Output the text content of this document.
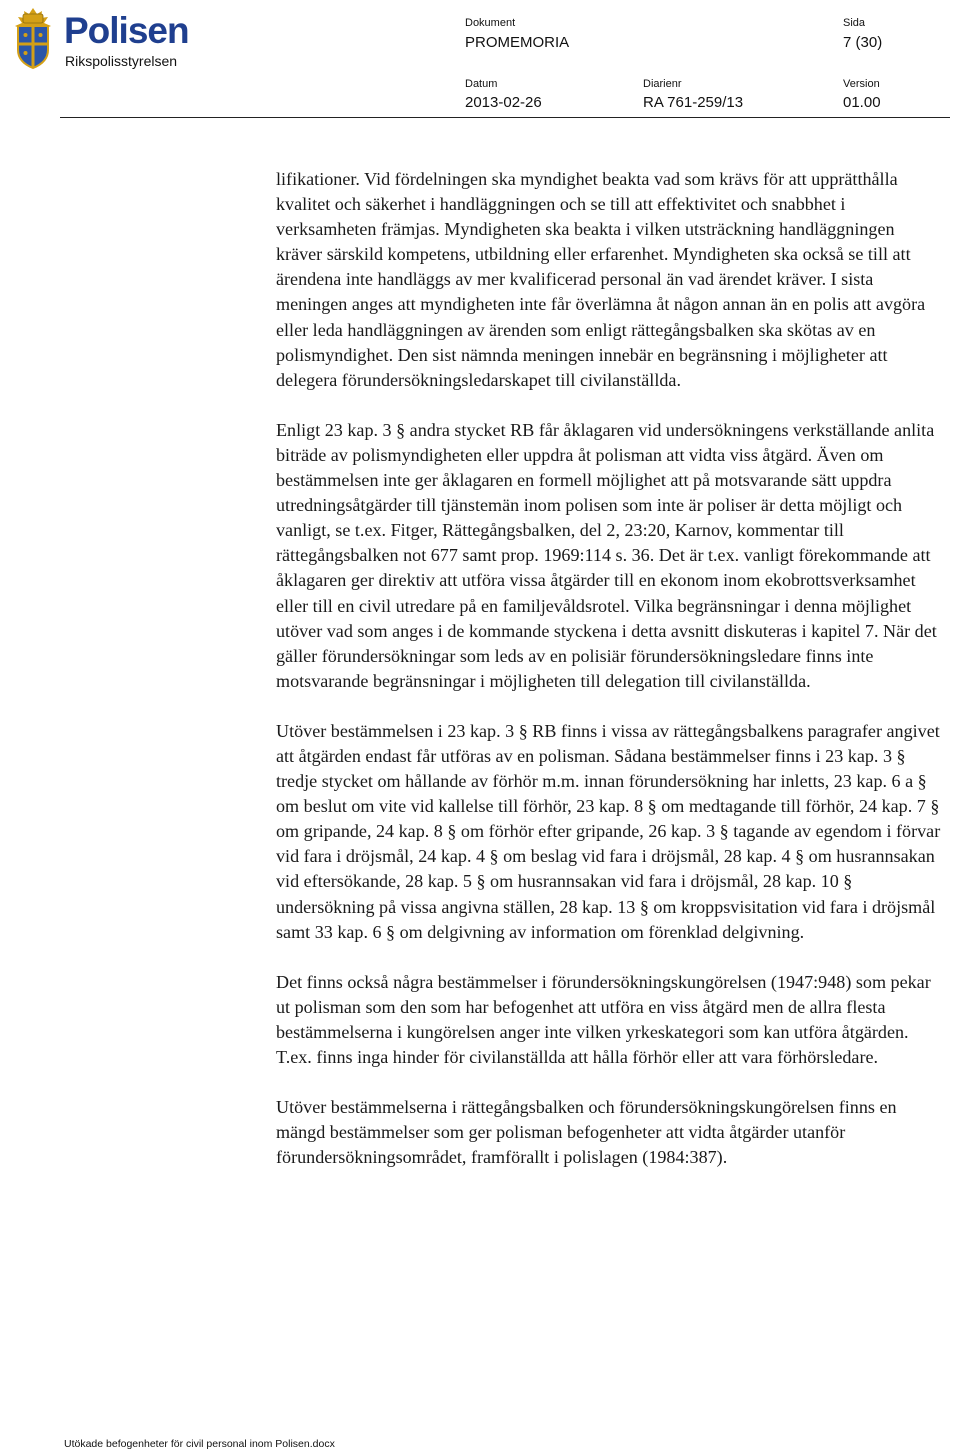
Polisen
Rikspolisstyrelsen
Dokument
PROMEMORIA
Sida
7 (30)
Datum
2013-02-26
Diarienr
RA 761-259/13
Version
01.00

lifikationer. Vid fördelningen ska myndighet beakta vad som krävs för att upprätthålla kvalitet och säkerhet i handläggningen och se till att effektivitet och snabbhet i verksamheten främjas. Myndigheten ska beakta i vilken utsträckning handläggningen kräver särskild kompetens, utbildning eller erfarenhet. Myndigheten ska också se till att ärendena inte handläggs av mer kvalificerad personal än vad ärendet kräver. I sista meningen anges att myndigheten inte får överlämna åt någon annan än en polis att avgöra eller leda handläggningen av ärenden som enligt rättegångsbalken ska skötas av en polismyndighet. Den sist nämnda meningen innebär en begränsning i möjligheter att delegera förundersökningsledarskapet till civilanställda.

Enligt 23 kap. 3 § andra stycket RB får åklagaren vid undersökningens verkställande anlita biträde av polismyndigheten eller uppdra åt polisman att vidta viss åtgärd. Även om bestämmelsen inte ger åklagaren en formell möjlighet att på motsvarande sätt uppdra utredningsåtgärder till tjänstemän inom polisen som inte är poliser är detta möjligt och vanligt, se t.ex. Fitger, Rättegångsbalken, del 2, 23:20, Karnov, kommentar till rättegångsbalken not 677 samt prop. 1969:114 s. 36. Det är t.ex. vanligt förekommande att åklagaren ger direktiv att utföra vissa åtgärder till en ekonom inom ekobrottsverksamhet eller till en civil utredare på en familjevåldsrotel. Vilka begränsningar i denna möjlighet utöver vad som anges i de kommande styckena i detta avsnitt diskuteras i kapitel 7. När det gäller förundersökningar som leds av en polisiär förundersökningsledare finns inte motsvarande begränsningar i möjligheten till delegation till civilanställda.

Utöver bestämmelsen i 23 kap. 3 § RB finns i vissa av rättegångsbalkens paragrafer angivet att åtgärden endast får utföras av en polisman. Sådana bestämmelser finns i 23 kap. 3 § tredje stycket om hållande av förhör m.m. innan förundersökning har inletts, 23 kap. 6 a § om beslut om vite vid kallelse till förhör, 23 kap. 8 § om medtagande till förhör, 24 kap. 7 § om gripande, 24 kap. 8 § om förhör efter gripande, 26 kap. 3 § tagande av egendom i förvar vid fara i dröjsmål, 24 kap. 4 § om beslag vid fara i dröjsmål, 28 kap. 4 § om husrannsakan vid eftersökande, 28 kap. 5 § om husrannsakan vid fara i dröjsmål, 28 kap. 10 § undersökning på vissa angivna ställen, 28 kap. 13 § om kroppsvisitation vid fara i dröjsmål samt 33 kap. 6 § om delgivning av information om förenklad delgivning.

Det finns också några bestämmelser i förundersökningskungörelsen (1947:948) som pekar ut polisman som den som har befogenhet att utföra en viss åtgärd men de allra flesta bestämmelserna i kungörelsen anger inte vilken yrkeskategori som kan utföra åtgärden. T.ex. finns inga hinder för civilanställda att hålla förhör eller att vara förhörsledare.

Utöver bestämmelserna i rättegångsbalken och förundersökningskungörelsen finns en mängd bestämmelser som ger polisman befogenheter att vidta åtgärder utanför förundersökningsområdet, framförallt i polislagen (1984:387).

Utökade befogenheter för civil personal inom Polisen.docx
